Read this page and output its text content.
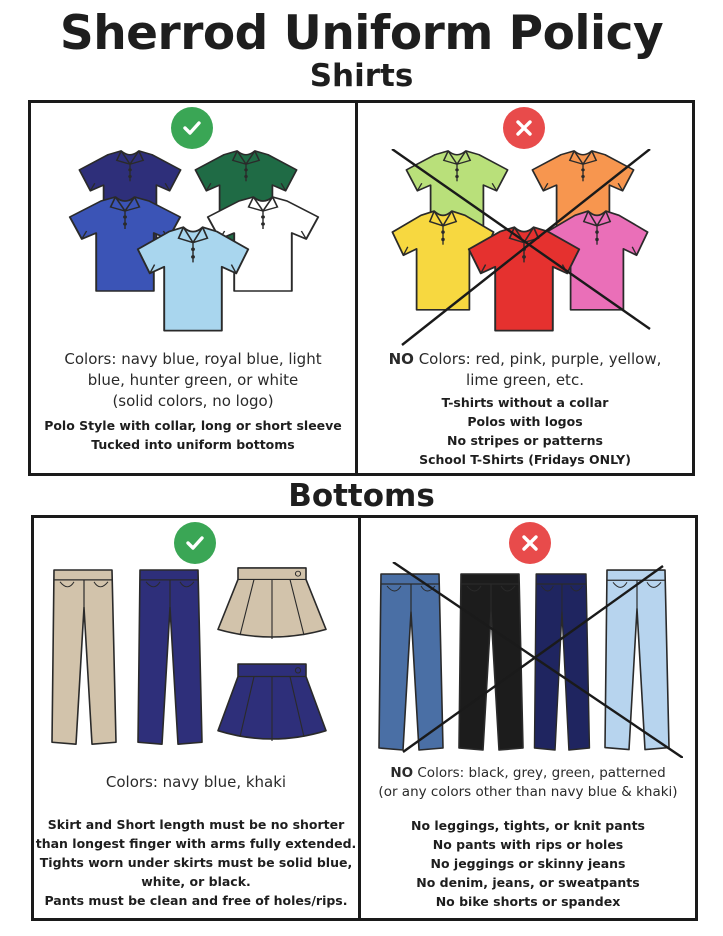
Sherrod Uniform Policy
Shirts
Colors: navy blue, royal blue, light
blue, hunter green, or white
(solid colors, no logo)
Polo Style with collar, long or short sleeve
Tucked into uniform bottoms
NO Colors: red, pink, purple, yellow,
lime green, etc.
T-shirts without a collar
Polos with logos
No stripes or patterns
School T-Shirts (Fridays ONLY)
Bottoms
Colors: navy blue, khaki
Skirt and Short length must be no shorter
than longest finger with arms fully extended.
Tights worn under skirts must be solid blue,
white, or black.
Pants must be clean and free of holes/rips.
NO Colors: black, grey, green, patterned
(or any colors other than navy blue & khaki)
No leggings, tights, or knit pants
No pants with rips or holes
No jeggings or skinny jeans
No denim, jeans, or sweatpants
No bike shorts or spandex
